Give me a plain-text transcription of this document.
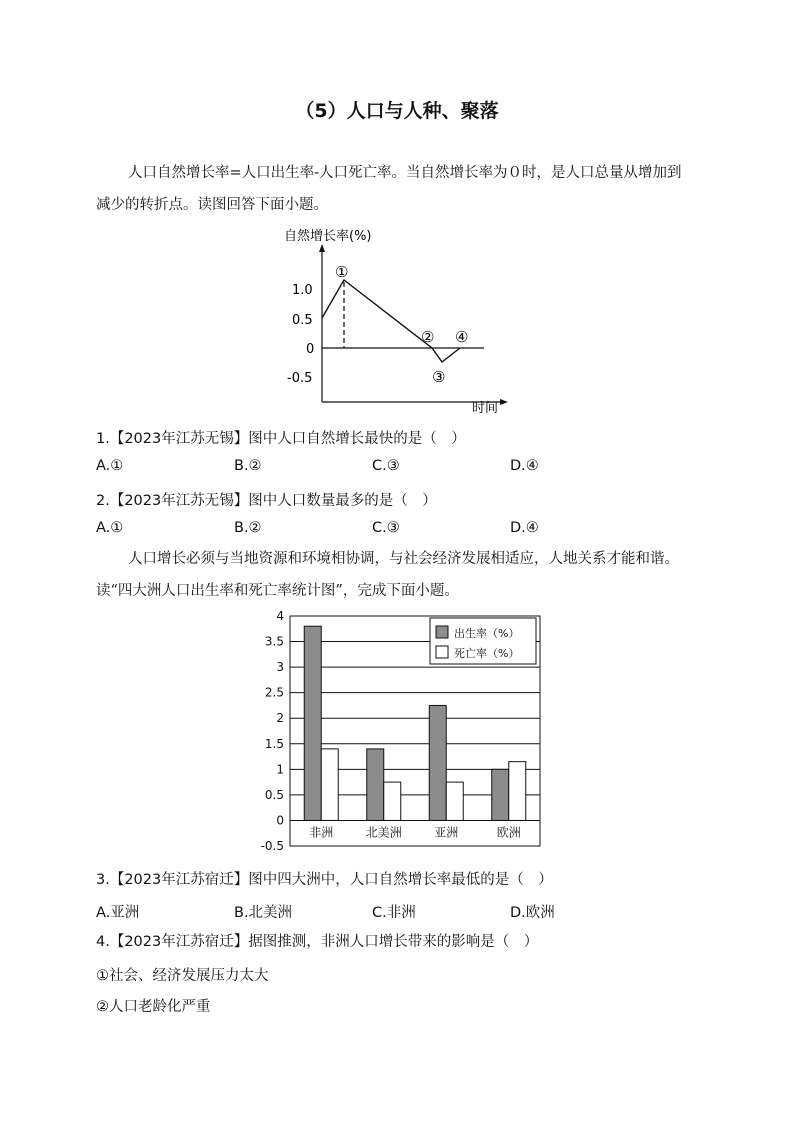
（5）人口与人种、聚落

人口自然增长率=人口出生率-人口死亡率。当自然增长率为０时，是人口总量从增加到减少的转折点。读图回答下面小题。

自然增长率(%)
1.0
0.5
0
-0.5
①
②
③
④
时间
1.【2023年江苏无锡】图中人口自然增长最快的是（　）
A.①	B.②	C.③	D.④
2.【2023年江苏无锡】图中人口数量最多的是（　）
A.①	B.②	C.③	D.④

人口增长必须与当地资源和环境相协调，与社会经济发展相适应，人地关系才能和谐。读“四大洲人口出生率和死亡率统计图”，完成下面小题。

4
3.5
3
2.5
2
1.5
1
0.5
0
-0.5
非洲	北美洲	亚洲	欧洲
出生率（%）
死亡率（%）
3.【2023年江苏宿迁】图中四大洲中，人口自然增长率最低的是（　）
A.亚洲	B.北美洲	C.非洲	D.欧洲
4.【2023年江苏宿迁】据图推测，非洲人口增长带来的影响是（　）
①社会、经济发展压力太大
②人口老龄化严重
